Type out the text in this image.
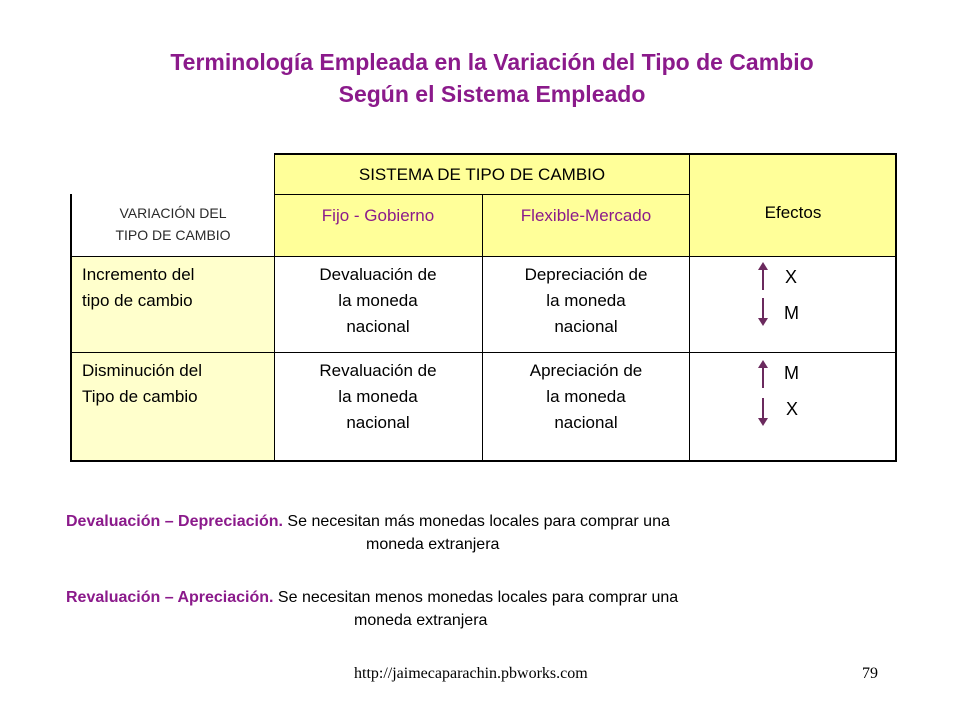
Terminología Empleada en la Variación del Tipo de Cambio
Según el Sistema Empleado
SISTEMA DE TIPO DE CAMBIO
Efectos
VARIACIÓN DEL
TIPO DE CAMBIO
Fijo - Gobierno	Flexible-Mercado
Incremento del
tipo de cambio
Devaluación de
la moneda
nacional
Depreciación de
la moneda
nacional
X
M
Disminución del
Tipo de cambio
Revaluación de
la moneda
nacional
Apreciación de
la moneda
nacional
M
X
Devaluación – Depreciación. Se necesitan más monedas locales para comprar una
moneda extranjera
Revaluación – Apreciación. Se necesitan menos monedas locales para comprar una
moneda extranjera
http://jaimecaparachin.pbworks.com	79
